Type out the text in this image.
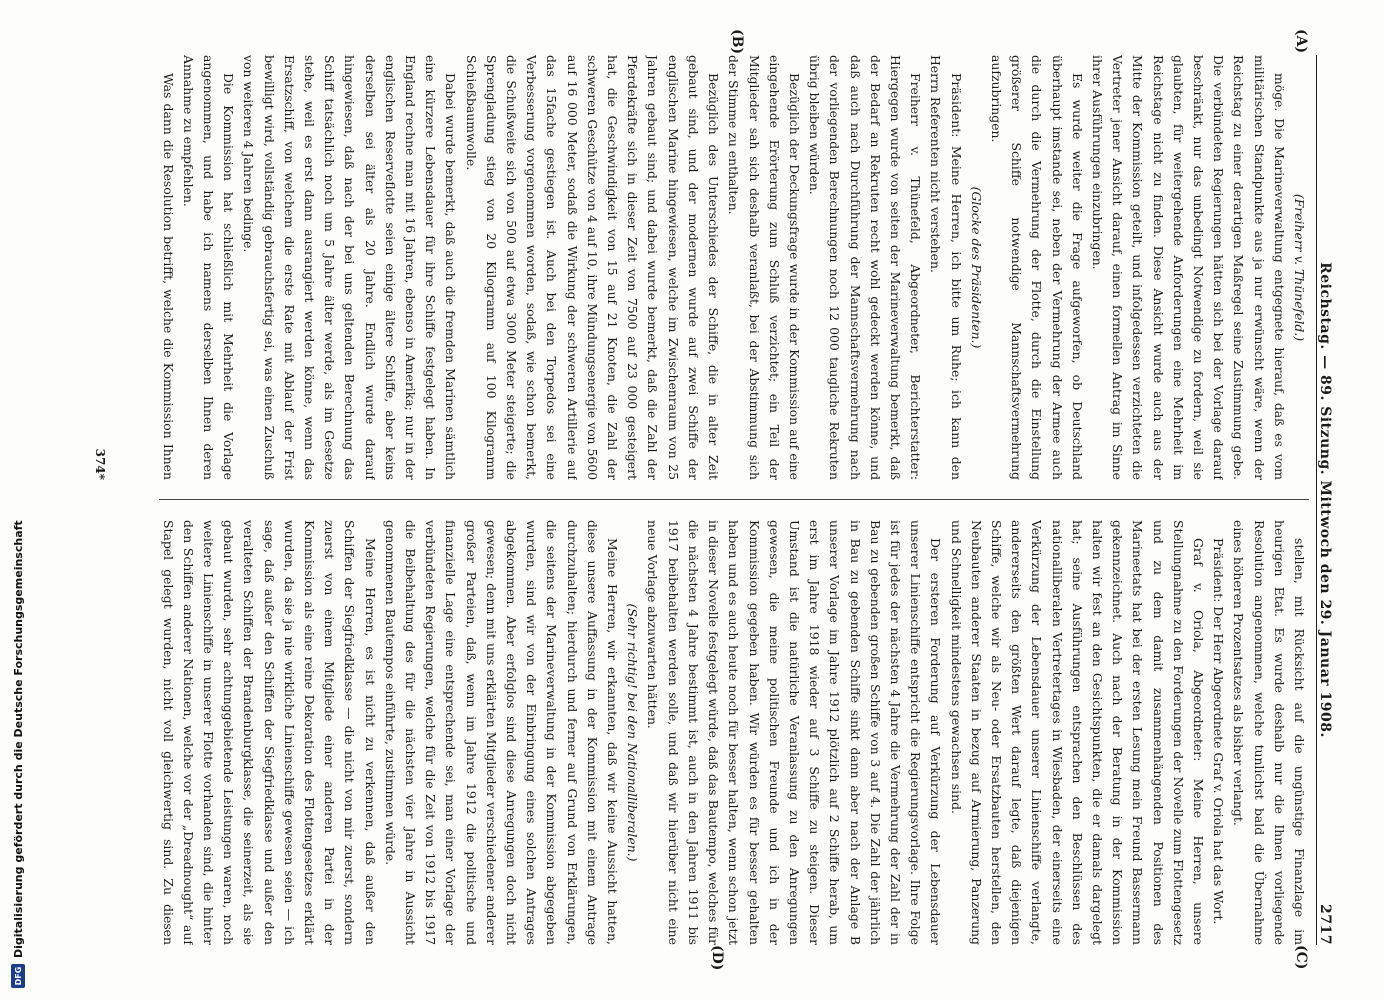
DFG
Digitalisierung gefördert durch die Deutsche Forschungsgemeinschaft
Reichstag. — 89. Sitzung. Mittwoch den 29. Januar 1908.
2717
(A)
(B)
(C)
(D)

(Freiherr v. Thünefeld.)

möge. Die Marineverwaltung entgegnete hierauf, daß es vom militärischen Standpunkte aus ja nur erwünscht wäre, wenn der Reichstag zu einer derartigen Maßregel seine Zustimmung gebe. Die verbündeten Regierungen hätten sich bei der Vorlage darauf beschränkt, nur das unbedingt Notwendige zu fordern, weil sie glaubten, für weitergehende Anforderungen eine Mehrheit im Reichstage nicht zu finden. Diese Ansicht wurde auch aus der Mitte der Kommission geteilt, und infolgedessen verzichteten die Vertreter jener Ansicht darauf, einen formellen Antrag im Sinne ihrer Ausführungen einzubringen.

Es wurde weiter die Frage aufgeworfen, ob Deutschland überhaupt imstande sei, neben der Vermehrung der Armee auch die durch die Vermehrung der Flotte, durch die Einstellung größerer Schiffe notwendige Mannschaftsvermehrung aufzubringen.

(Glocke des Präsidenten.)

Präsident: Meine Herren, ich bitte um Ruhe; ich kann den Herrn Referenten nicht verstehen.

Freiherr v. Thünefeld, Abgeordneter, Berichterstatter: Hiergegen wurde von seiten der Marineverwaltung bemerkt, daß der Bedarf an Rekruten recht wohl gedeckt werden könne, und daß auch nach Durchführung der Mannschaftsvermehrung nach der vorliegenden Berechnungen noch 12 000 taugliche Rekruten übrig bleiben würden.

Bezüglich der Deckungsfrage wurde in der Kommission auf eine eingehende Erörterung zum Schluß verzichtet; ein Teil der Mitglieder sah sich deshalb veranlaßt, bei der Abstimmung sich der Stimme zu enthalten.

Bezüglich des Unterschiedes der Schiffe, die in alter Zeit gebaut sind, und der modernen wurde auf zwei Schiffe der englischen Marine hingewiesen, welche im Zwischenraum von 25 Jahren gebaut sind; und dabei wurde bemerkt, daß die Zahl der Pferdekräfte sich in dieser Zeit von 7500 auf 23 000 gesteigert hat, die Geschwindigkeit von 15 auf 21 Knoten, die Zahl der schweren Geschütze von 4 auf 10, ihre Mündungsenergie von 5600 auf 16 000 Meter, sodaß die Wirkung der schweren Artillerie auf das 15fache gestiegen ist. Auch bei den Torpedos sei eine Verbesserung vorgenommen worden, sodaß, wie schon bemerkt, die Schußweite sich von 500 auf etwa 3000 Meter steigerte; die Sprengladung stieg von 20 Kilogramm auf 100 Kilogramm Schießbaumwolle.

Dabei wurde bemerkt, daß auch die fremden Marinen sämtlich eine kürzere Lebensdauer für ihre Schiffe festgelegt haben. In England rechne man mit 16 Jahren, ebenso in Amerika; nur in der englischen Reserveflotte seien einige ältere Schiffe, aber keins derselben sei älter als 20 Jahre. Endlich wurde darauf hingewiesen, daß nach der bei uns geltenden Berechnung das Schiff tatsächlich noch um 5 Jahre älter werde, als im Gesetze stehe, weil es erst dann ausrangiert werden könne, wenn das Ersatzschiff, von welchem die erste Rate mit Ablauf der Frist bewilligt wird, vollständig gebrauchsfertig sei, was einen Zuschuß von weiteren 4 Jahren bedinge.

Die Kommission hat schließlich mit Mehrheit die Vorlage angenommen, und habe ich namens derselben Ihnen deren Annahme zu empfehlen.

Was dann die Resolution betrifft, welche die Kommission Ihnen

stellen, mit Rücksicht auf die ungünstige Finanzlage im heurigen Etat. Es wurde deshalb nur die Ihnen vorliegende Resolution angenommen, welche tunlichst bald die Übernahme eines höheren Prozentsatzes als bisher verlangt.

Präsident: Der Herr Abgeordnete Graf v. Oriola hat das Wort.

Graf v. Oriola, Abgeordneter: Meine Herren, unsere Stellungnahme zu den Forderungen der Novelle zum Flottengesetz und zu dem damit zusammenhängenden Positionen des Marineetats hat bei der ersten Lesung mein Freund Bassermann gekennzeichnet. Auch nach der Beratung in der Kommission halten wir fest an den Gesichtspunkten, die er damals dargelegt hat; seine Ausführungen entsprachen den Beschlüssen des nationalliberalen Vertretertages in Wiesbaden, der einerseits eine Verkürzung der Lebensdauer unserer Linienschiffe verlangte, andererseits den größten Wert darauf legte, daß diejenigen Schiffe, welche wir als Neu- oder Ersatzbauten herstellen, den Neubauten anderer Staaten in bezug auf Armierung, Panzerung und Schnelligkeit mindestens gewachsen sind.

Der ersteren Forderung auf Verkürzung der Lebensdauer unserer Linienschiffe entspricht die Regierungsvorlage. Ihre Folge ist für jedes der nächsten 4 Jahre die Vermehrung der Zahl der in Bau zu gebenden großen Schiffe von 3 auf 4. Die Zahl der jährlich in Bau zu gebenden Schiffe sinkt dann aber nach der Anlage B unserer Vorlage im Jahre 1912 plötzlich auf 2 Schiffe herab, um erst im Jahre 1918 wieder auf 3 Schiffe zu steigen. Dieser Umstand ist die natürliche Veranlassung zu den Anregungen gewesen, die meine politischen Freunde und ich in der Kommission gegeben haben. Wir würden es für besser gehalten haben und es auch heute noch für besser halten, wenn schon jetzt in dieser Novelle festgelegt würde, daß das Bautempo, welches für die nächsten 4 Jahre bestimmt ist, auch in den Jahren 1911 bis 1917 beibehalten werden solle, und daß wir hierüber nicht eine neue Vorlage abzuwarten hätten.

(Sehr richtig! bei den Nationalliberalen.)

Meine Herren, wir erkannten, daß wir keine Aussicht hatten, diese unsere Auffassung in der Kommission mit einem Antrage durchzuhalten; hierdurch und ferner auf Grund von Erklärungen, die seitens der Marineverwaltung in der Kommission abgegeben wurden, sind wir von der Einbringung eines solchen Antrages abgekommen. Aber erfolglos sind diese Anregungen doch nicht gewesen; denn mit uns erklärten Mitglieder verschiedener anderer großer Parteien, daß, wenn im Jahre 1912 die politische und finanzielle Lage eine entsprechende sei, man einer Vorlage der verbündeten Regierungen, welche für die Zeit von 1912 bis 1917 die Beibehaltung des für die nächsten vier Jahre in Aussicht genommenen Bautempos einführte, zustimmen würde.

Meine Herren, es ist nicht zu verkennen, daß außer den Schiffen der Siegfriedklasse — die nicht von mir zuerst, sondern zuerst von einem Mitgliede einer anderen Partei in der Kommission als eine reine Dekoration des Flottengesetzes erklärt wurden, da sie ja nie wirkliche Linienschiffe gewesen seien — ich sage, daß außer den Schiffen der Siegfriedklasse und außer den veralteten Schiffen der Brandenburgklasse, die seinerzeit, als sie gebaut wurden, sehr achtunggebietende Leistungen waren, noch weitere Linienschiffe in unserer Flotte vorhanden sind, die hinter den Schiffen anderer Nationen, welche vor der „Dreadnought“ auf Stapel gelegt wurden, nicht voll gleichwertig sind. Zu diesen

374*
